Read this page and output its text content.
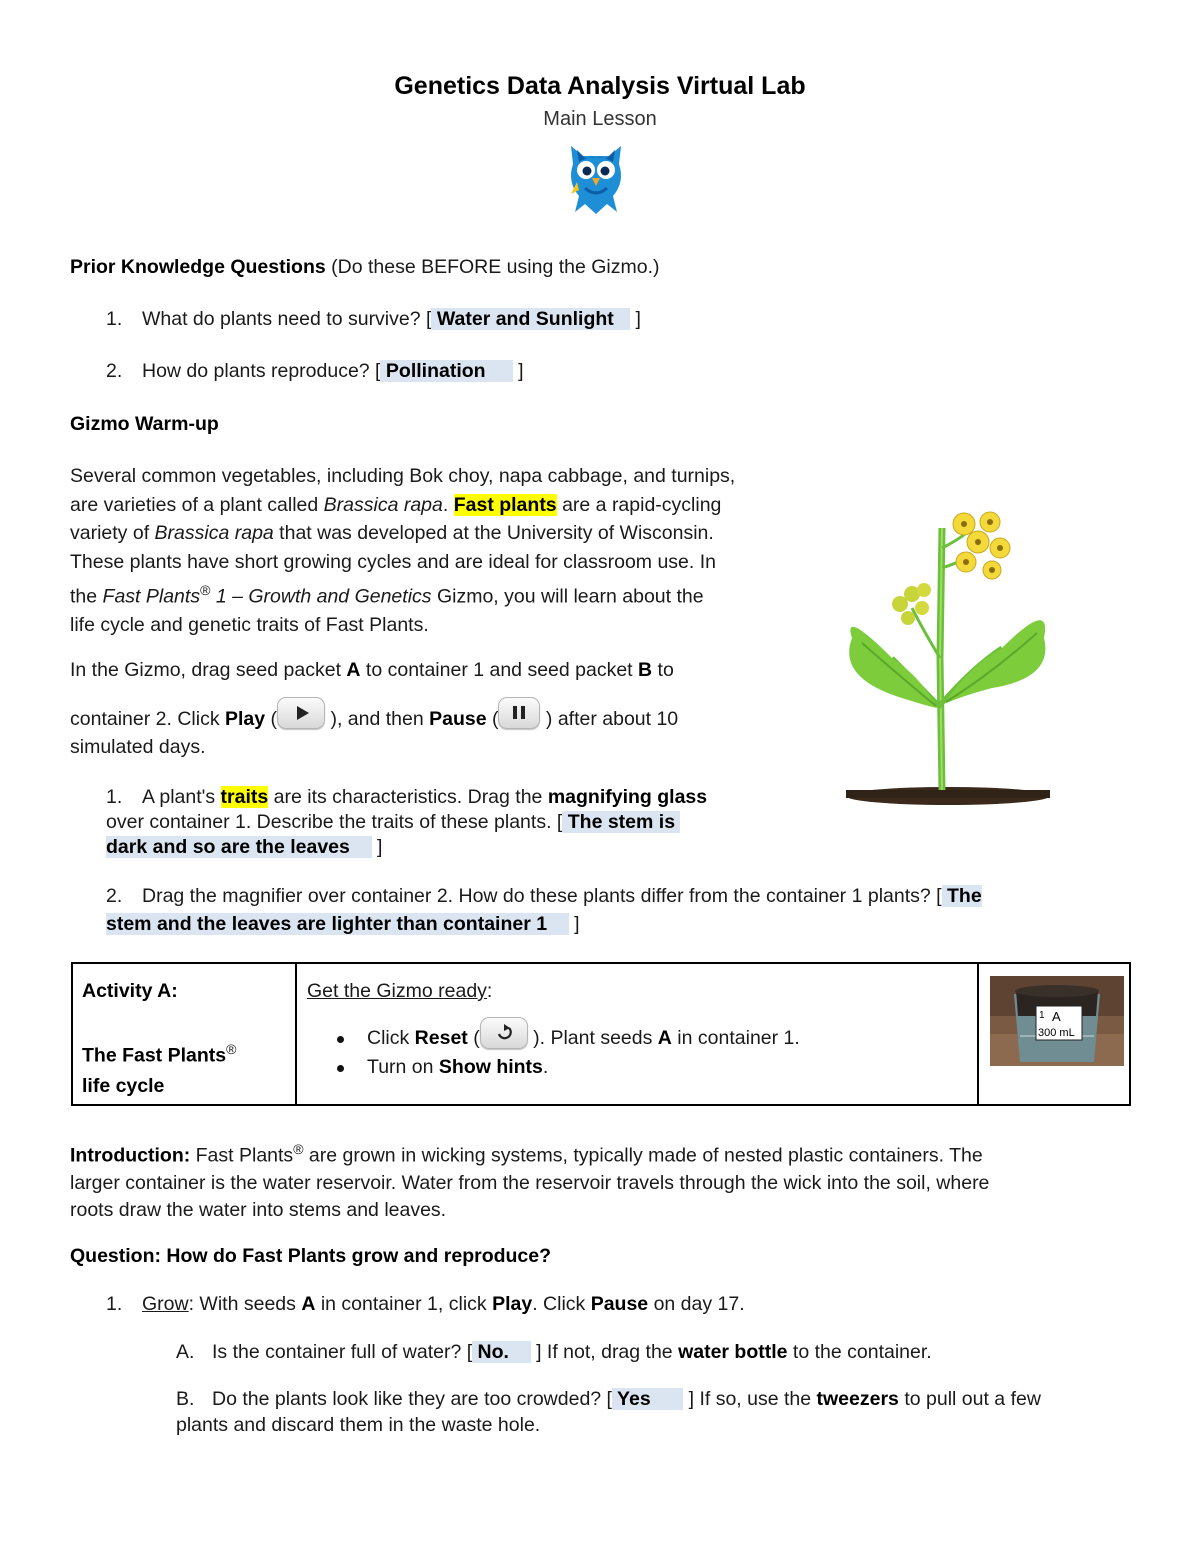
Genetics Data Analysis Virtual Lab
Main Lesson
Prior Knowledge Questions (Do these BEFORE using the Gizmo.)
1. What do plants need to survive? [ Water and Sunlight    ]
2. How do plants reproduce? [ Pollination      ]
Gizmo Warm-up
Several common vegetables, including Bok choy, napa cabbage, and turnips,
are varieties of a plant called Brassica rapa. Fast plants are a rapid-cycling
variety of Brassica rapa that was developed at the University of Wisconsin.
These plants have short growing cycles and are ideal for classroom use. In
the Fast Plants® 1 – Growth and Genetics Gizmo, you will learn about the
life cycle and genetic traits of Fast Plants.
In the Gizmo, drag seed packet A to container 1 and seed packet B to
container 2. Click Play (
), and then Pause (
) after about 10
simulated days.
1. A plant's traits are its characteristics. Drag the magnifying glass
over container 1. Describe the traits of these plants. [ The stem is
dark and so are the leaves     ]
2. Drag the magnifier over container 2. How do these plants differ from the container 1 plants? [ The
stem and the leaves are lighter than container 1     ]
Activity A:
The Fast Plants®
life cycle

Get the Gizmo ready:
Click Reset (
). Plant seeds A in container 1.
Turn on Show hints.

1 A
300 mL
Introduction: Fast Plants® are grown in wicking systems, typically made of nested plastic containers. The
larger container is the water reservoir. Water from the reservoir travels through the wick into the soil, where
roots draw the water into stems and leaves.
Question: How do Fast Plants grow and reproduce?
1. Grow: With seeds A in container 1, click Play. Click Pause on day 17.
A. Is the container full of water? [ No.     ] If not, drag the water bottle to the container.
B. Do the plants look like they are too crowded? [ Yes       ] If so, use the tweezers to pull out a few
plants and discard them in the waste hole.
